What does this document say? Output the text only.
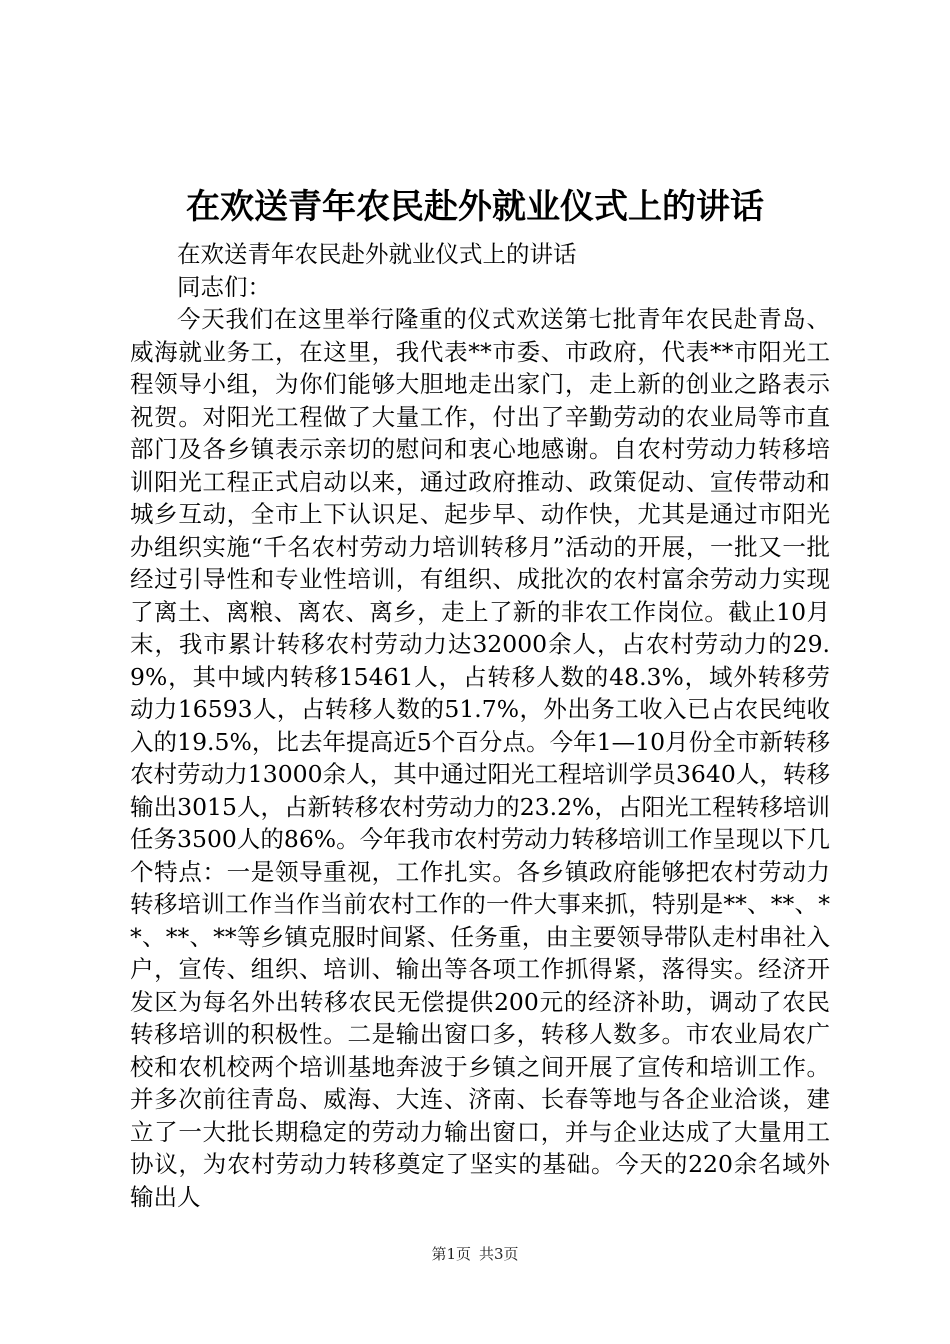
在欢送青年农民赴外就业仪式上的讲话

在欢送青年农民赴外就业仪式上的讲话

同志们：

今天我们在这里举行隆重的仪式欢送第七批青年农民赴青岛、威海就业务工，在这里，我代表**市委、市政府，代表**市阳光工程领导小组，为你们能够大胆地走出家门，走上新的创业之路表示祝贺。对阳光工程做了大量工作，付出了辛勤劳动的农业局等市直部门及各乡镇表示亲切的慰问和衷心地感谢。自农村劳动力转移培训阳光工程正式启动以来，通过政府推动、政策促动、宣传带动和城乡互动，全市上下认识足、起步早、动作快，尤其是通过市阳光办组织实施“千名农村劳动力培训转移月”活动的开展，一批又一批经过引导性和专业性培训，有组织、成批次的农村富余劳动力实现了离土、离粮、离农、离乡，走上了新的非农工作岗位。截止10月末，我市累计转移农村劳动力达32000余人，占农村劳动力的29.9%，其中域内转移15461人，占转移人数的48.3%，域外转移劳动力16593人，占转移人数的51.7%，外出务工收入已占农民纯收入的19.5%，比去年提高近5个百分点。今年1—10月份全市新转移农村劳动力13000余人，其中通过阳光工程培训学员3640人，转移输出3015人，占新转移农村劳动力的23.2%，占阳光工程转移培训任务3500人的86%。今年我市农村劳动力转移培训工作呈现以下几个特点：一是领导重视，工作扎实。各乡镇政府能够把农村劳动力转移培训工作当作当前农村工作的一件大事来抓，特别是**、**、**、**、**等乡镇克服时间紧、任务重，由主要领导带队走村串社入户，宣传、组织、培训、输出等各项工作抓得紧，落得实。经济开发区为每名外出转移农民无偿提供200元的经济补助，调动了农民转移培训的积极性。二是输出窗口多，转移人数多。市农业局农广校和农机校两个培训基地奔波于乡镇之间开展了宣传和培训工作。并多次前往青岛、威海、大连、济南、长春等地与各企业洽谈，建立了一大批长期稳定的劳动力输出窗口，并与企业达成了大量用工协议，为农村劳动力转移奠定了坚实的基础。今天的220余名域外输出人

第1页 共3页
